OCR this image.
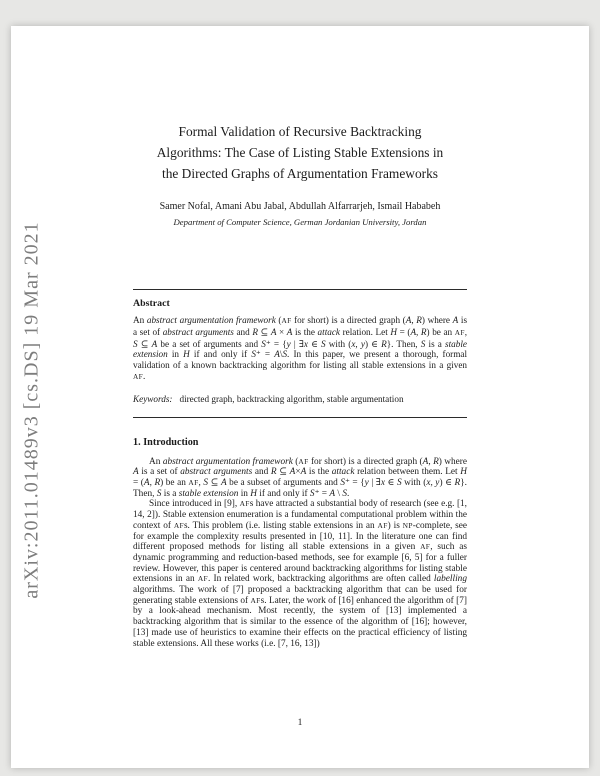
arXiv:2011.01489v3 [cs.DS] 19 Mar 2021
Formal Validation of Recursive Backtracking
Algorithms: The Case of Listing Stable Extensions in
the Directed Graphs of Argumentation Frameworks
Samer Nofal, Amani Abu Jabal, Abdullah Alfarrarjeh, Ismail Hababeh
Department of Computer Science, German Jordanian University, Jordan
Abstract

An abstract argumentation framework (AF for short) is a directed graph (A, R) where A is a set of abstract arguments and R ⊆ A × A is the attack relation. Let H = (A, R) be an AF, S ⊆ A be a set of arguments and S⁺ = {y | ∃x ∈ S with (x, y) ∈ R}. Then, S is a stable extension in H if and only if S⁺ = A\S. In this paper, we present a thorough, formal validation of a known backtracking algorithm for listing all stable extensions in a given AF.

Keywords: directed graph, backtracking algorithm, stable argumentation

1. Introduction

An abstract argumentation framework (AF for short) is a directed graph (A, R) where A is a set of abstract arguments and R ⊆ A×A is the attack relation between them. Let H = (A, R) be an AF, S ⊆ A be a subset of arguments and S⁺ = {y | ∃x ∈ S with (x, y) ∈ R}. Then, S is a stable extension in H if and only if S⁺ = A \ S.

Since introduced in [9], AFs have attracted a substantial body of research (see e.g. [1, 14, 2]). Stable extension enumeration is a fundamental computational problem within the context of AFs. This problem (i.e. listing stable extensions in an AF) is NP-complete, see for example the complexity results presented in [10, 11]. In the literature one can find different proposed methods for listing all stable extensions in a given AF, such as dynamic programming and reduction-based methods, see for example [6, 5] for a fuller review. However, this paper is centered around backtracking algorithms for listing stable extensions in an AF. In related work, backtracking algorithms are often called labelling algorithms. The work of [7] proposed a backtracking algorithm that can be used for generating stable extensions of AFs. Later, the work of [16] enhanced the algorithm of [7] by a look-ahead mechanism. Most recently, the system of [13] implemented a backtracking algorithm that is similar to the essence of the algorithm of [16]; however, [13] made use of heuristics to examine their effects on the practical efficiency of listing stable extensions. All these works (i.e. [7, 16, 13])

1
